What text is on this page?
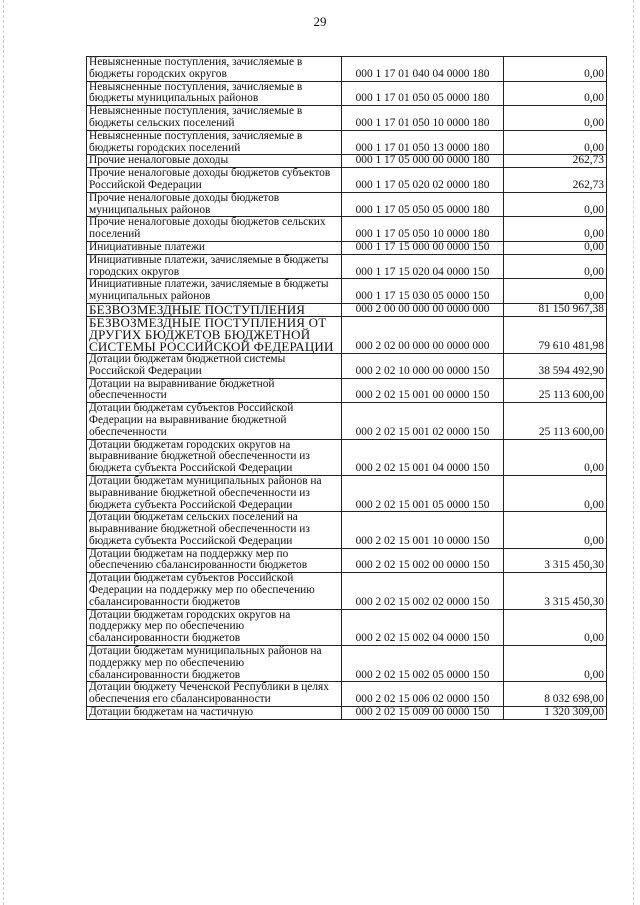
29
Невыясненные поступления, зачисляемые в бюджеты городских округов	000 1 17 01 040 04 0000 180	0,00
Невыясненные поступления, зачисляемые в бюджеты муниципальных районов	000 1 17 01 050 05 0000 180	0,00
Невыясненные поступления, зачисляемые в бюджеты сельских поселений	000 1 17 01 050 10 0000 180	0,00
Невыясненные поступления, зачисляемые в бюджеты городских поселений	000 1 17 01 050 13 0000 180	0,00
Прочие неналоговые доходы	000 1 17 05 000 00 0000 180	262,73
Прочие неналоговые доходы бюджетов субъектов Российской Федерации	000 1 17 05 020 02 0000 180	262,73
Прочие неналоговые доходы бюджетов муниципальных районов	000 1 17 05 050 05 0000 180	0,00
Прочие неналоговые доходы бюджетов сельских поселений	000 1 17 05 050 10 0000 180	0,00
Инициативные платежи	000 1 17 15 000 00 0000 150	0,00
Инициативные платежи, зачисляемые в бюджеты городских округов	000 1 17 15 020 04 0000 150	0,00
Инициативные платежи, зачисляемые в бюджеты муниципальных районов	000 1 17 15 030 05 0000 150	0,00
БЕЗВОЗМЕЗДНЫЕ ПОСТУПЛЕНИЯ	000 2 00 00 000 00 0000 000	81 150 967,38
БЕЗВОЗМЕЗДНЫЕ ПОСТУПЛЕНИЯ ОТ ДРУГИХ БЮДЖЕТОВ БЮДЖЕТНОЙ СИСТЕМЫ РОССИЙСКОЙ ФЕДЕРАЦИИ	000 2 02 00 000 00 0000 000	79 610 481,98
Дотации бюджетам бюджетной системы Российской Федерации	000 2 02 10 000 00 0000 150	38 594 492,90
Дотации на выравнивание бюджетной обеспеченности	000 2 02 15 001 00 0000 150	25 113 600,00
Дотации бюджетам субъектов Российской Федерации на выравнивание бюджетной обеспеченности	000 2 02 15 001 02 0000 150	25 113 600,00
Дотации бюджетам городских округов на выравнивание бюджетной обеспеченности из бюджета субъекта Российской Федерации	000 2 02 15 001 04 0000 150	0,00
Дотации бюджетам муниципальных районов на выравнивание бюджетной обеспеченности из бюджета субъекта Российской Федерации	000 2 02 15 001 05 0000 150	0,00
Дотации бюджетам сельских поселений на выравнивание бюджетной обеспеченности из бюджета субъекта Российской Федерации	000 2 02 15 001 10 0000 150	0,00
Дотации бюджетам на поддержку мер по обеспечению сбалансированности бюджетов	000 2 02 15 002 00 0000 150	3 315 450,30
Дотации бюджетам субъектов Российской Федерации на поддержку мер по обеспечению сбалансированности бюджетов	000 2 02 15 002 02 0000 150	3 315 450,30
Дотации бюджетам городских округов на поддержку мер по обеспечению сбалансированности бюджетов	000 2 02 15 002 04 0000 150	0,00
Дотации бюджетам муниципальных районов на поддержку мер по обеспечению сбалансированности бюджетов	000 2 02 15 002 05 0000 150	0,00
Дотации бюджету Чеченской Республики в целях обеспечения его сбалансированности	000 2 02 15 006 02 0000 150	8 032 698,00
Дотации бюджетам на частичную	000 2 02 15 009 00 0000 150	1 320 309,00
